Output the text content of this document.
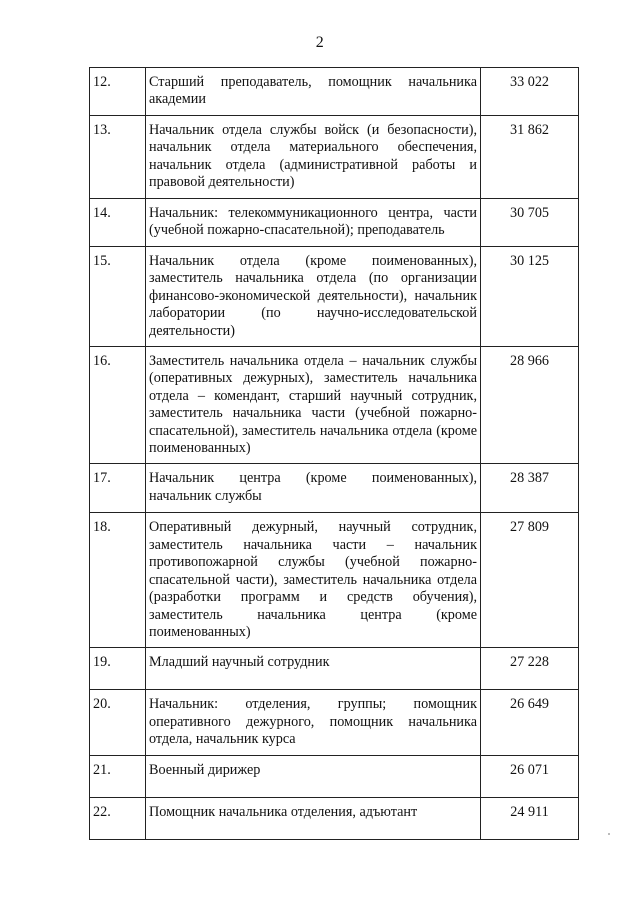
2
12.	Старший преподаватель, помощник начальника академии	33 022
13.	Начальник отдела службы войск (и безопасности), начальник отдела материального обеспечения, начальник отдела (административной работы и правовой деятельности)	31 862
14.	Начальник: телекоммуникационного центра, части (учебной пожарно-спасательной); преподаватель	30 705
15.	Начальник отдела (кроме поименованных), заместитель начальника отдела (по организации финансово-экономической деятельности), начальник лаборатории (по научно-исследовательской деятельности)	30 125
16.	Заместитель начальника отдела – начальник службы (оперативных дежурных), заместитель начальника отдела – комендант, старший научный сотрудник, заместитель начальника части (учебной пожарно-спасательной), заместитель начальника отдела (кроме поименованных)	28 966
17.	Начальник центра (кроме поименованных), начальник службы	28 387
18.	Оперативный дежурный, научный сотрудник, заместитель начальника части – начальник противопожарной службы (учебной пожарно-спасательной части), заместитель начальника отдела (разработки программ и средств обучения), заместитель начальника центра (кроме поименованных)	27 809
19.	Младший научный сотрудник	27 228
20.	Начальник: отделения, группы; помощник оперативного дежурного, помощник начальника отдела, начальник курса	26 649
21.	Военный дирижер	26 071
22.	Помощник начальника отделения, адъютант	24 911
